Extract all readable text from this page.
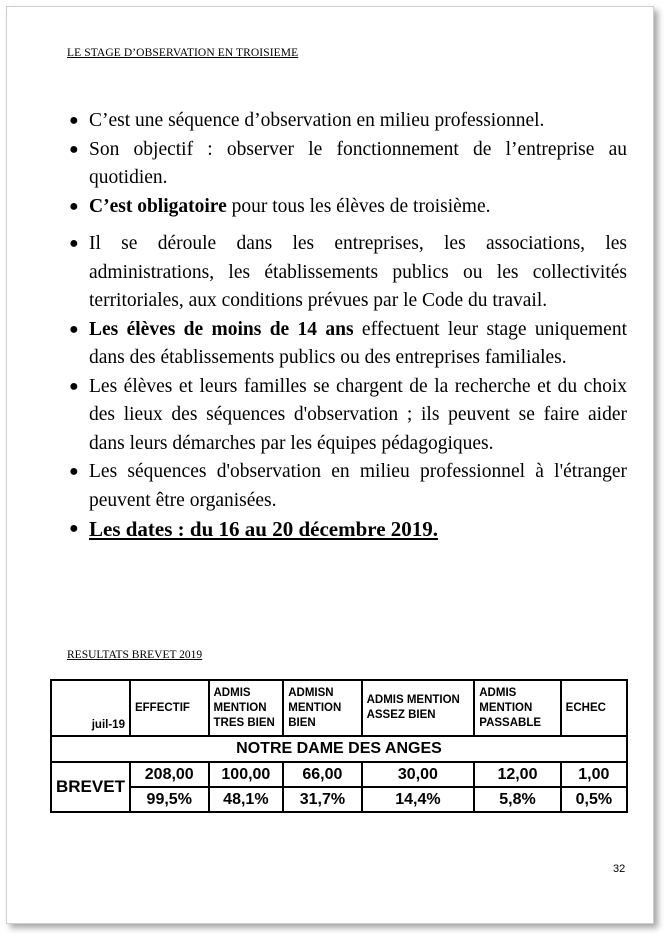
LE STAGE D’OBSERVATION EN TROISIEME
● C’est une séquence d’observation en milieu professionnel.
● Son objectif : observer le fonctionnement de l’entreprise au quotidien.
● C’est obligatoire pour tous les élèves de troisième.
● Il se déroule dans les entreprises, les associations, les administrations, les établissements publics ou les collectivités territoriales, aux conditions prévues par le Code du travail.
● Les élèves de moins de 14 ans effectuent leur stage uniquement dans des établissements publics ou des entreprises familiales.
● Les élèves et leurs familles se chargent de la recherche et du choix des lieux des séquences d'observation ; ils peuvent se faire aider dans leurs démarches par les équipes pédagogiques.
● Les séquences d'observation en milieu professionnel à l'étranger peuvent être organisées.
● Les dates : du 16 au 20 décembre 2019.
RESULTATS BREVET 2019
juil-19	EFFECTIF	ADMIS MENTION TRES BIEN	ADMISN MENTION BIEN	ADMIS MENTION ASSEZ BIEN	ADMIS MENTION PASSABLE	ECHEC
NOTRE DAME DES ANGES						
BREVET	208,00	100,00	66,00	30,00	12,00	1,00
	99,5%	48,1%	31,7%	14,4%	5,8%	0,5%
32
